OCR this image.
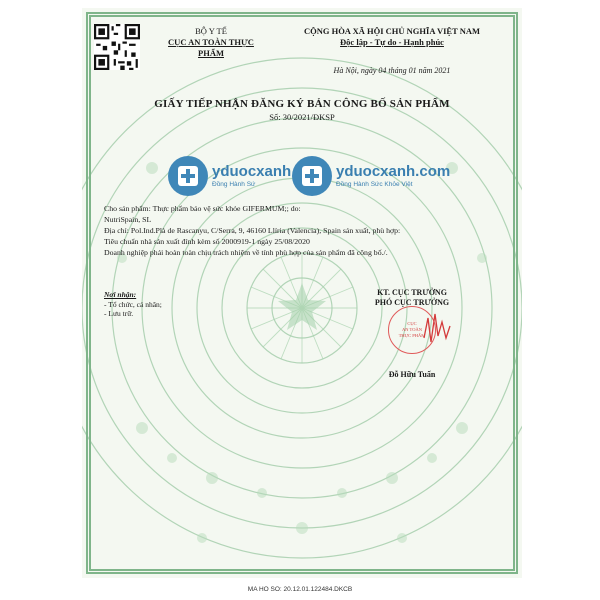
BỘ Y TẾ
CỤC AN TOÀN THỰC PHẨM
CỘNG HÒA XÃ HỘI CHỦ NGHĨA VIỆT NAM
Độc lập - Tự do - Hạnh phúc
Hà Nội, ngày 04 tháng 01 năm 2021
GIẤY TIẾP NHẬN ĐĂNG KÝ BẢN CÔNG BỐ SẢN PHẨM
Số: 30/2021/ĐKSP
yduocxanh
Đồng Hành Sứ
yduocxanh.com
Đồng Hành Sức Khỏe Việt
Cho sản phẩm: Thực phẩm bảo vệ sức khỏe GIFERMUM;; do:
NutriSpain, SL
Địa chỉ: Pol.Ind.Plà de Rascanyu, C/Serra, 9, 46160 Llíria (Valencia), Spain sản xuất, phù hợp:
Tiêu chuẩn nhà sản xuất đính kèm số 2000919-1 ngày 25/08/2020
Doanh nghiệp phải hoàn toàn chịu trách nhiệm về tính phù hợp của sản phẩm đã công bố./.
Nơi nhận:
- Tổ chức, cá nhân;
- Lưu trữ.
KT. CỤC TRƯỞNG
PHÓ CỤC TRƯỞNG
CỤC
AN TOÀN
THỰC PHẨM
Đỗ Hữu Tuấn
MA HO SO: 20.12.01.122484.DKCB
